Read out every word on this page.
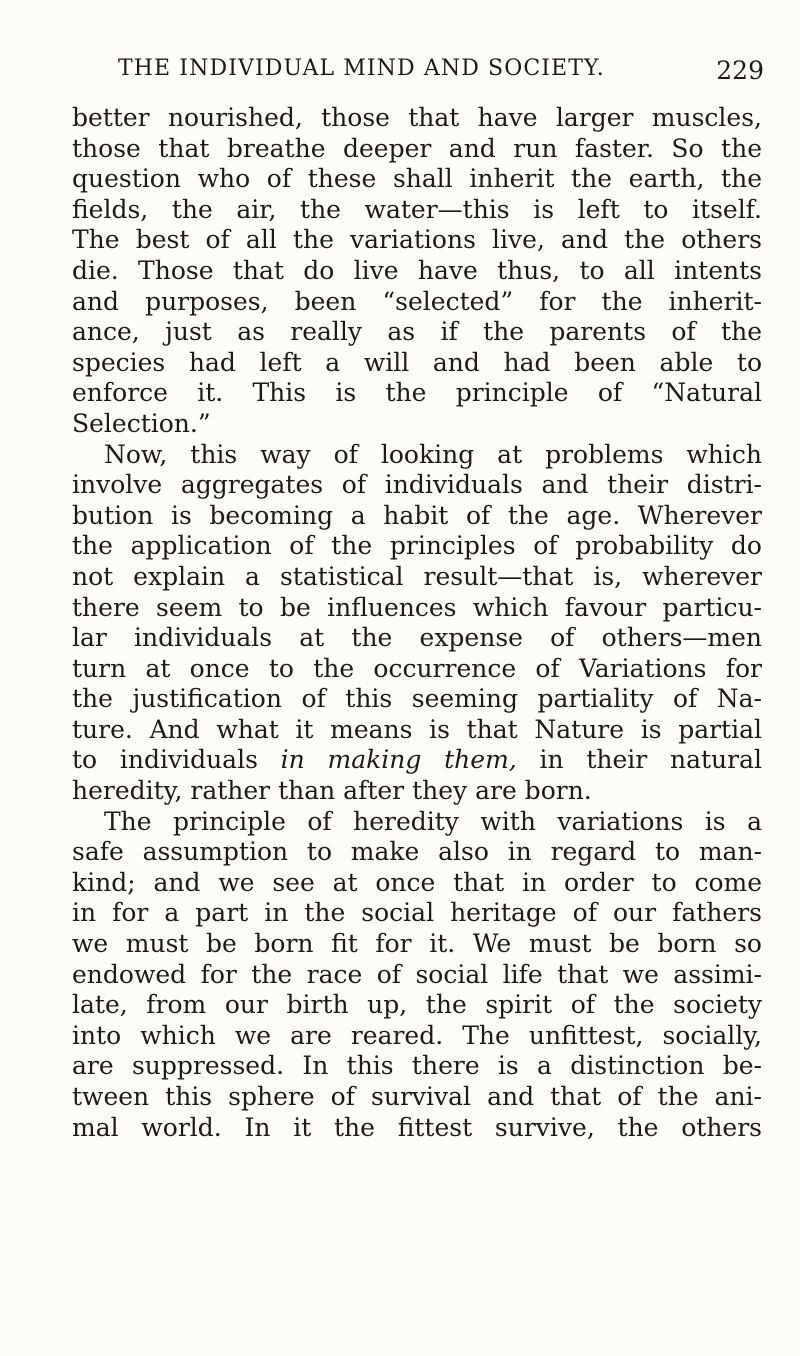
THE INDIVIDUAL MIND AND SOCIETY.	229
better nourished, those that have larger muscles,
those that breathe deeper and run faster. So the
question who of these shall inherit the earth, the
fields, the air, the water—this is left to itself.
The best of all the variations live, and the others
die. Those that do live have thus, to all intents
and purposes, been “selected” for the inherit-
ance, just as really as if the parents of the
species had left a will and had been able to
enforce it. This is the principle of “Natural
Selection.”
Now, this way of looking at problems which
involve aggregates of individuals and their distri-
bution is becoming a habit of the age. Wherever
the application of the principles of probability do
not explain a statistical result—that is, wherever
there seem to be influences which favour particu-
lar individuals at the expense of others—men
turn at once to the occurrence of Variations for
the justification of this seeming partiality of Na-
ture. And what it means is that Nature is partial
to individuals in making them, in their natural
heredity, rather than after they are born.
The principle of heredity with variations is a
safe assumption to make also in regard to man-
kind; and we see at once that in order to come
in for a part in the social heritage of our fathers
we must be born fit for it. We must be born so
endowed for the race of social life that we assimi-
late, from our birth up, the spirit of the society
into which we are reared. The unfittest, socially,
are suppressed. In this there is a distinction be-
tween this sphere of survival and that of the ani-
mal world. In it the fittest survive, the others
